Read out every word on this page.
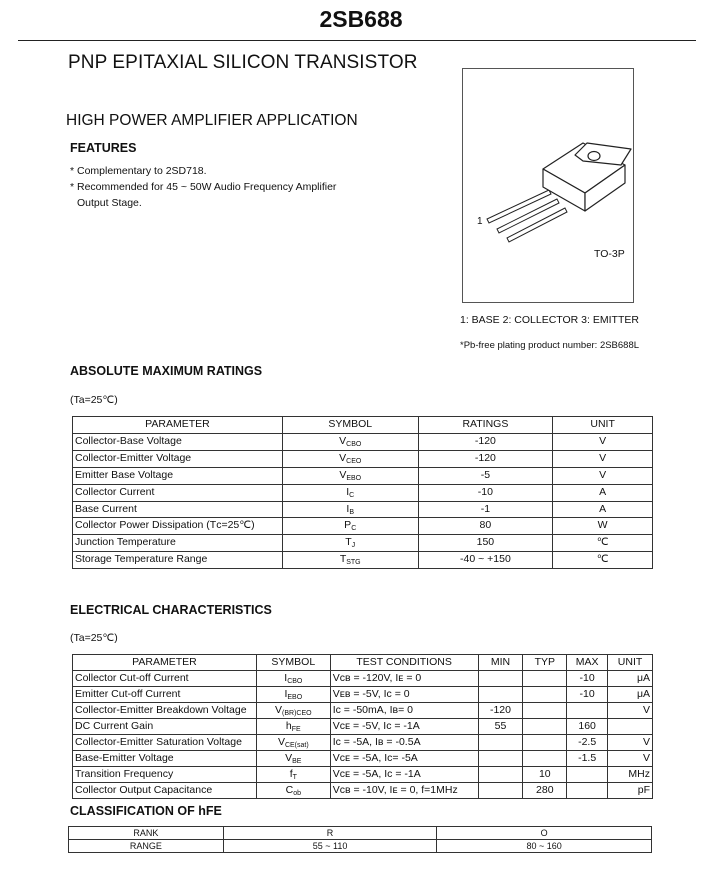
2SB688
PNP EPITAXIAL SILICON TRANSISTOR
HIGH POWER AMPLIFIER APPLICATION
FEATURES
* Complementary to 2SD718.
* Recommended for 45 ~ 50W Audio Frequency Amplifier
Output Stage.
1
TO-3P
1: BASE 2: COLLECTOR 3: EMITTER
*Pb-free plating product number: 2SB688L
ABSOLUTE MAXIMUM RATINGS
(Ta=25℃)
PARAMETER	SYMBOL	RATINGS	UNIT
Collector-Base Voltage	$V_{CBO}$	-120	V
Collector-Emitter Voltage	$V_{CEO}$	-120	V
Emitter Base Voltage	$V_{EBO}$	-5	V
Collector Current	$I_C$	-10	A
Base Current	$I_B$	-1	A
Collector Power Dissipation (Tᴄ=25℃)	$P_C$	80	W
Junction Temperature	$T_J$	150	℃
Storage Temperature Range	$T_{STG}$	-40 ~ +150	℃
ELECTRICAL CHARACTERISTICS
(Ta=25℃)
PARAMETER	SYMBOL	TEST CONDITIONS	MIN	TYP	MAX	UNIT
Collector Cut-off Current	$I_{CBO}$	Vᴄʙ = -120V, Iᴇ = 0			-10	μA
Emitter Cut-off Current	$I_{EBO}$	Vᴇʙ = -5V, Iᴄ = 0			-10	μA
Collector-Emitter Breakdown Voltage	$V_{(BR)CEO}$	Iᴄ = -50mA, Iʙ= 0	-120			V
DC Current Gain	$h_{FE}$	Vᴄᴇ = -5V, Iᴄ = -1A	55		160	
Collector-Emitter Saturation Voltage	$V_{CE(sat)}$	Iᴄ = -5A, Iʙ = -0.5A			-2.5	V
Base-Emitter Voltage	$V_{BE}$	Vᴄᴇ = -5A, Iᴄ= -5A			-1.5	V
Transition Frequency	$f_T$	Vᴄᴇ = -5A, Iᴄ = -1A		10		MHz
Collector Output Capacitance	$C_{ob}$	Vᴄʙ = -10V, Iᴇ = 0, f=1MHz		280		pF
CLASSIFICATION OF hFE
RANK	R	O
RANGE	55 ~ 110	80 ~ 160
